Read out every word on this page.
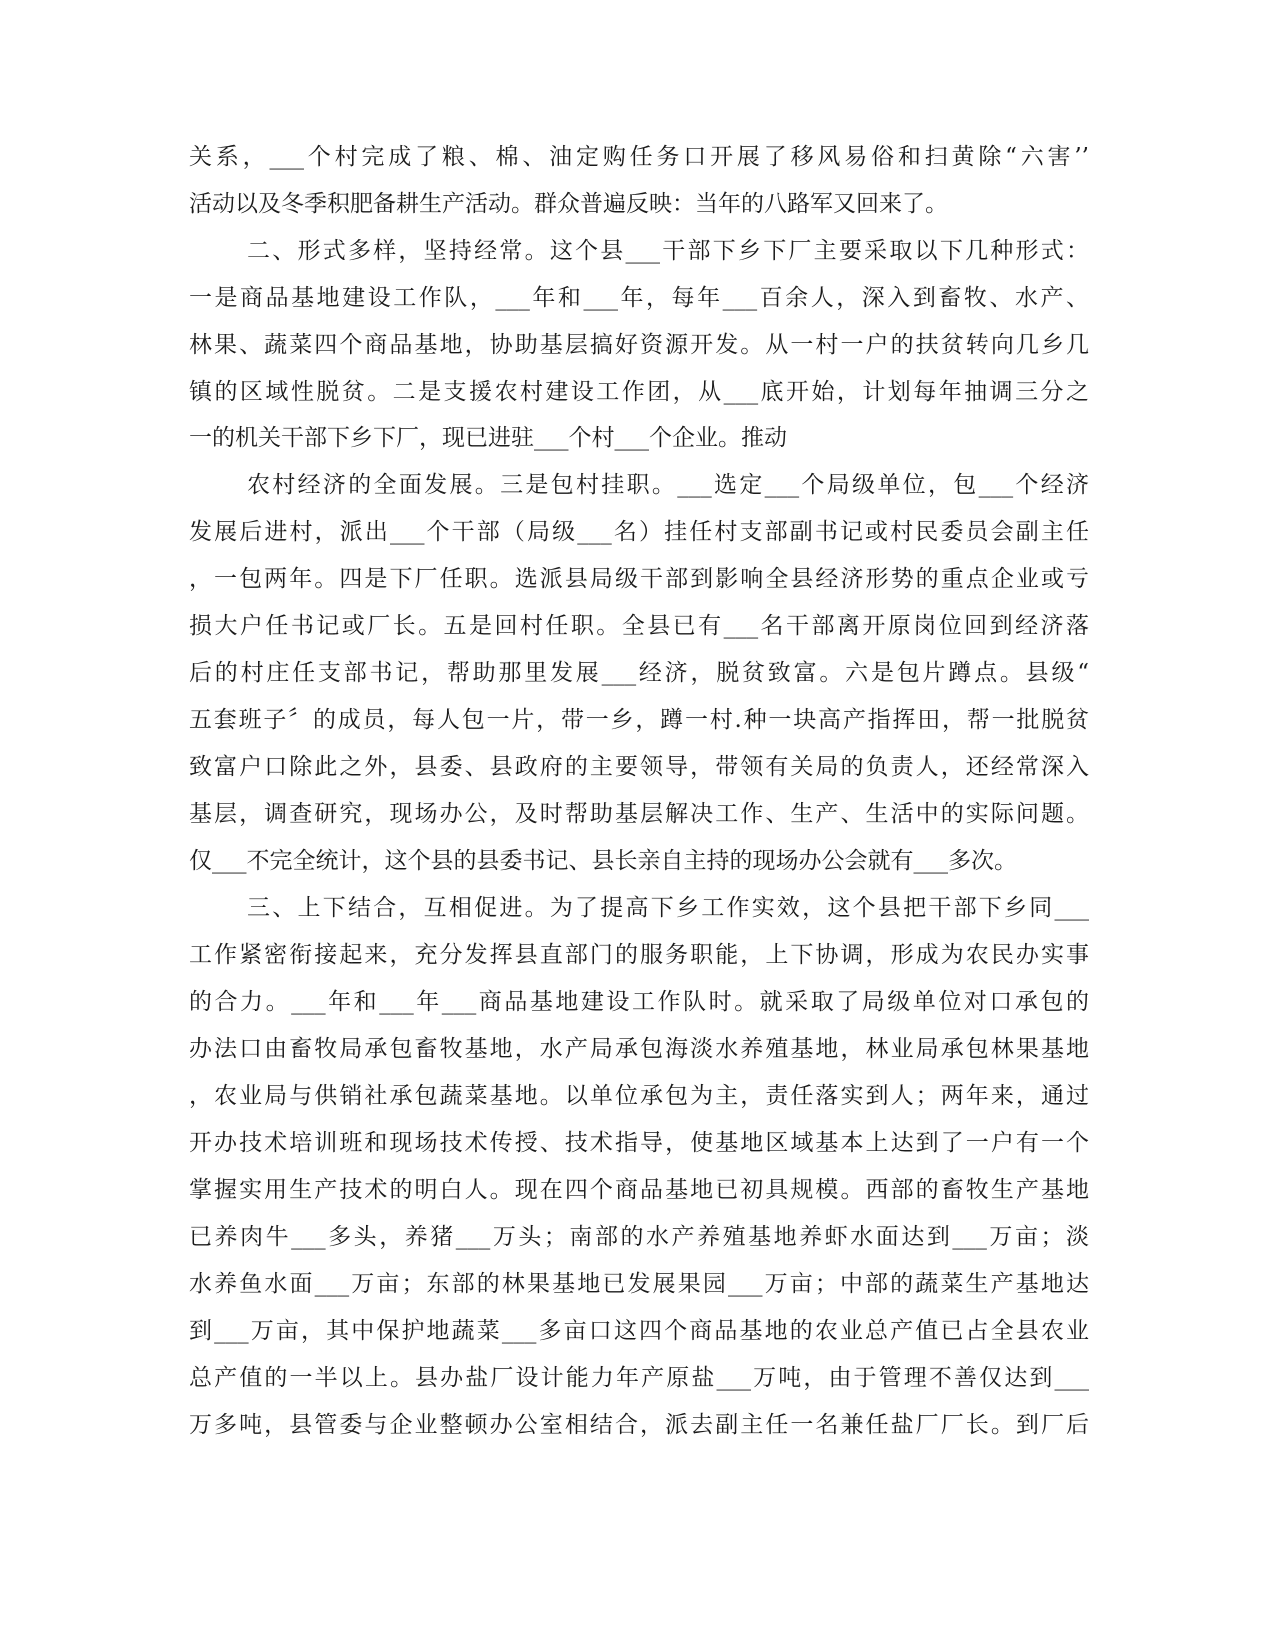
关系，___个村完成了粮、棉、油定购任务口开展了移风易俗和扫黄除“六害’’
活动以及冬季积肥备耕生产活动。群众普遍反映：当年的八路军又回来了。
二、形式多样，坚持经常。这个县___干部下乡下厂主要采取以下几种形式：
一是商品基地建设工作队，___年和___年，每年___百余人，深入到畜牧、水产、
林果、蔬菜四个商品基地，协助基层搞好资源开发。从一村一户的扶贫转向几乡几
镇的区域性脱贫。二是支援农村建设工作团，从___底开始，计划每年抽调三分之
一的机关干部下乡下厂，现已进驻___个村___个企业。推动
农村经济的全面发展。三是包村挂职。___选定___个局级单位，包___个经济
发展后进村，派出___个干部（局级___名）挂任村支部副书记或村民委员会副主任
，一包两年。四是下厂任职。选派县局级干部到影响全县经济形势的重点企业或亏
损大户任书记或厂长。五是回村任职。全县已有___名干部离开原岗位回到经济落
后的村庄任支部书记，帮助那里发展___经济，脱贫致富。六是包片蹲点。县级“
五套班子〞的成员，每人包一片，带一乡，蹲一村.种一块高产指挥田，帮一批脱贫
致富户口除此之外，县委、县政府的主要领导，带领有关局的负责人，还经常深入
基层，调查研究，现场办公，及时帮助基层解决工作、生产、生活中的实际问题。
仅___不完全统计，这个县的县委书记、县长亲自主持的现场办公会就有___多次。
三、上下结合，互相促进。为了提高下乡工作实效，这个县把干部下乡同___
工作紧密衔接起来，充分发挥县直部门的服务职能，上下协调，形成为农民办实事
的合力。___年和___年___商品基地建设工作队时。就采取了局级单位对口承包的
办法口由畜牧局承包畜牧基地，水产局承包海淡水养殖基地，林业局承包林果基地
，农业局与供销社承包蔬菜基地。以单位承包为主，责任落实到人；两年来，通过
开办技术培训班和现场技术传授、技术指导，使基地区域基本上达到了一户有一个
掌握实用生产技术的明白人。现在四个商品基地已初具规模。西部的畜牧生产基地
已养肉牛___多头，养猪___万头；南部的水产养殖基地养虾水面达到___万亩；淡
水养鱼水面___万亩；东部的林果基地已发展果园___万亩；中部的蔬菜生产基地达
到___万亩，其中保护地蔬菜___多亩口这四个商品基地的农业总产值已占全县农业
总产值的一半以上。县办盐厂设计能力年产原盐___万吨，由于管理不善仅达到___
万多吨，县管委与企业整顿办公室相结合，派去副主任一名兼任盐厂厂长。到厂后
